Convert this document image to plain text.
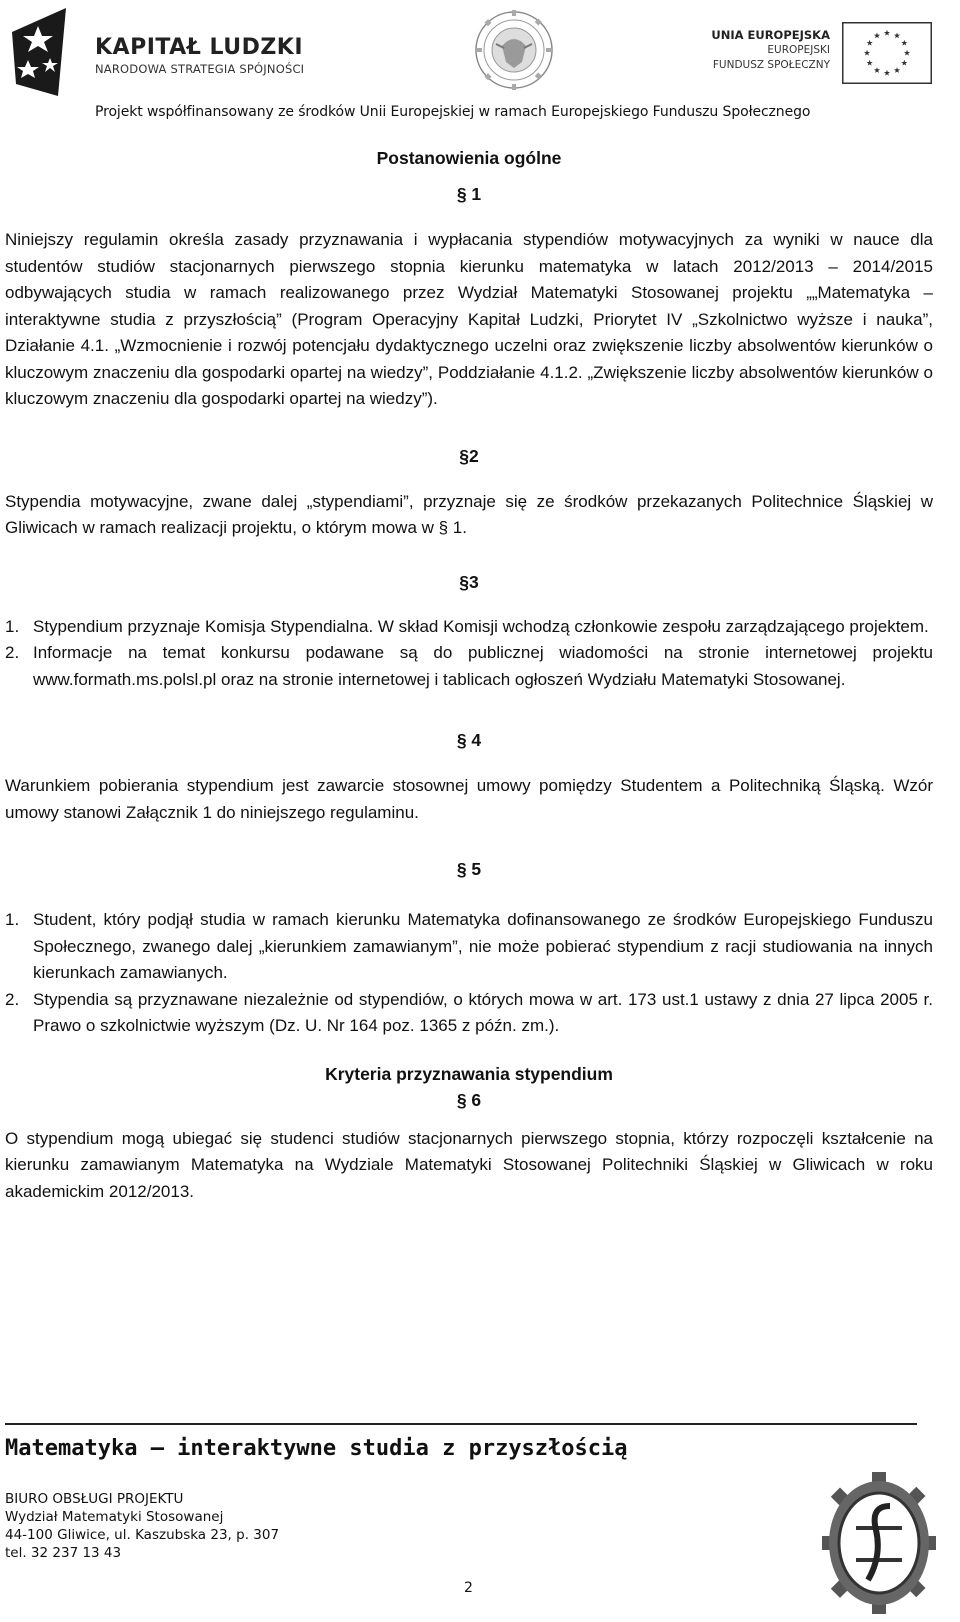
KAPITAŁ LUDZKI
NARODOWA STRATEGIA SPÓJNOŚCI
UNIA EUROPEJSKA
EUROPEJSKI
FUNDUSZ SPOŁECZNY
Projekt współfinansowany ze środków Unii Europejskiej w ramach Europejskiego Funduszu Społecznego
Postanowienia ogólne
§ 1

Niniejszy regulamin określa zasady przyznawania i wypłacania stypendiów motywacyjnych za wyniki w nauce dla studentów studiów stacjonarnych pierwszego stopnia kierunku matematyka w latach 2012/2013 – 2014/2015 odbywających studia w ramach realizowanego przez Wydział Matematyki Stosowanej projektu „„Matematyka – interaktywne studia z przyszłością” (Program Operacyjny Kapitał Ludzki, Priorytet IV „Szkolnictwo wyższe i nauka”, Działanie 4.1. „Wzmocnienie i rozwój potencjału dydaktycznego uczelni oraz zwiększenie liczby absolwentów kierunków o kluczowym znaczeniu dla gospodarki opartej na wiedzy”, Poddziałanie 4.1.2. „Zwiększenie liczby absolwentów kierunków o kluczowym znaczeniu dla gospodarki opartej na wiedzy”).

§2

Stypendia motywacyjne, zwane dalej „stypendiami”, przyznaje się ze środków przekazanych Politechnice Śląskiej w Gliwicach w ramach realizacji projektu, o którym mowa w § 1.

§3
1. Stypendium przyznaje Komisja Stypendialna. W skład Komisji wchodzą członkowie zespołu zarządzającego projektem.
2. Informacje na temat konkursu podawane są do publicznej wiadomości na stronie internetowej projektu www.formath.ms.polsl.pl oraz na stronie internetowej i tablicach ogłoszeń Wydziału Matematyki Stosowanej.
§ 4

Warunkiem pobierania stypendium jest zawarcie stosownej umowy pomiędzy Studentem a Politechniką Śląską. Wzór umowy stanowi Załącznik 1 do niniejszego regulaminu.

§ 5
1. Student, który podjął studia w ramach kierunku Matematyka dofinansowanego ze środków Europejskiego Funduszu Społecznego, zwanego dalej „kierunkiem zamawianym”, nie może pobierać stypendium z racji studiowania na innych kierunkach zamawianych.
2. Stypendia są przyznawane niezależnie od stypendiów, o których mowa w art. 173 ust.1 ustawy z dnia 27 lipca 2005 r. Prawo o szkolnictwie wyższym (Dz. U. Nr 164 poz. 1365 z późn. zm.).
Kryteria przyznawania stypendium
§ 6

O stypendium mogą ubiegać się studenci studiów stacjonarnych pierwszego stopnia, którzy rozpoczęli kształcenie na kierunku zamawianym Matematyka na Wydziale Matematyki Stosowanej Politechniki Śląskiej w Gliwicach w roku akademickim 2012/2013.

Matematyka – interaktywne studia z przyszłością
BIURO OBSŁUGI PROJEKTU
Wydział Matematyki Stosowanej
44-100 Gliwice, ul. Kaszubska 23, p. 307
tel. 32 237 13 43
2
